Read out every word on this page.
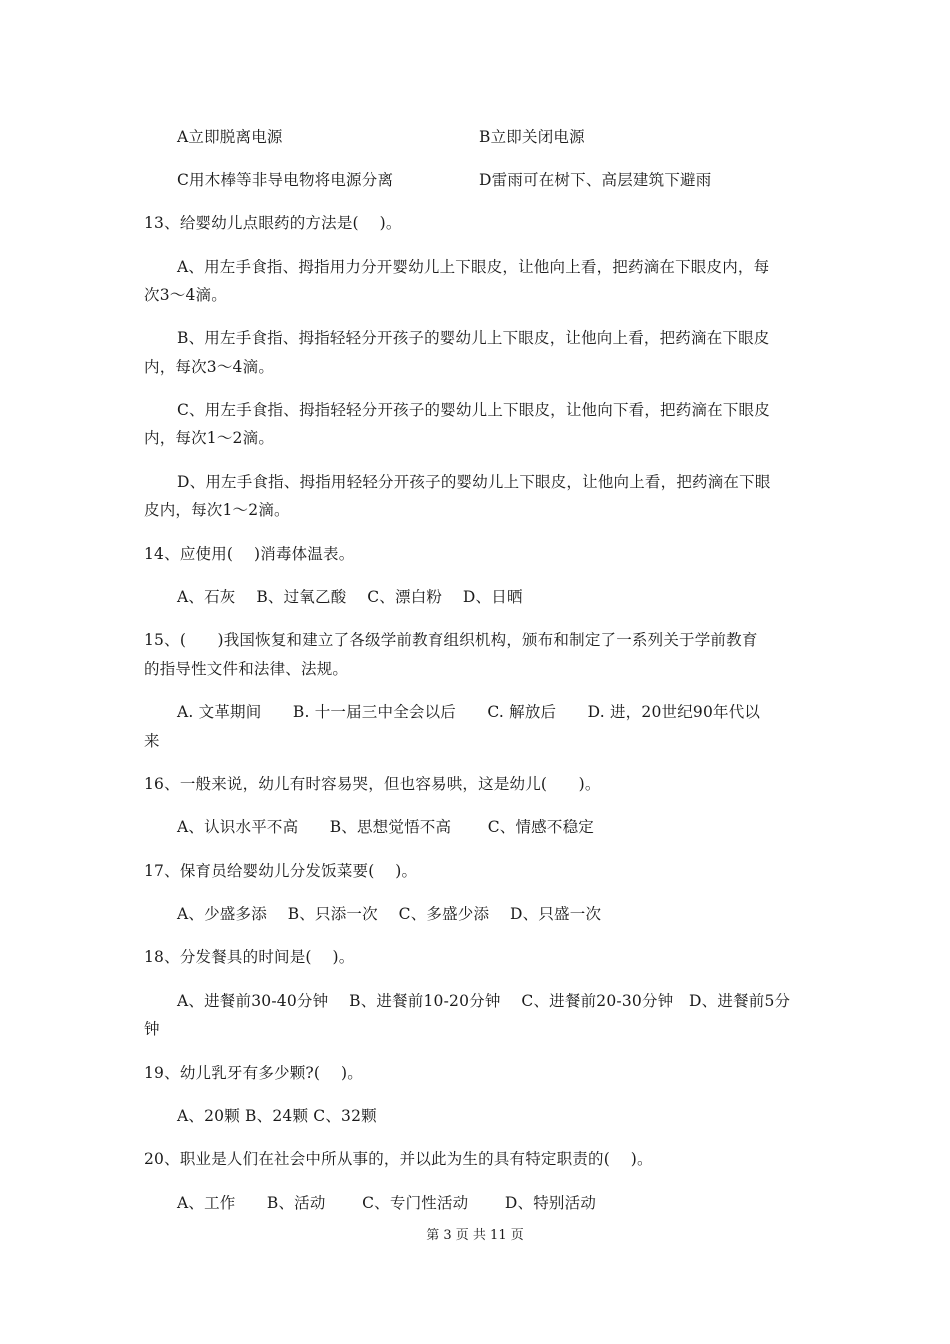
A立即脱离电源	B立即关闭电源
C用木棒等非导电物将电源分离	D雷雨可在树下、高层建筑下避雨
13、给婴幼儿点眼药的方法是(　 )。
A、用左手食指、拇指用力分开婴幼儿上下眼皮，让他向上看，把药滴在下眼皮内，每
次3～4滴。
B、用左手食指、拇指轻轻分开孩子的婴幼儿上下眼皮，让他向上看，把药滴在下眼皮
内，每次3～4滴。
C、用左手食指、拇指轻轻分开孩子的婴幼儿上下眼皮，让他向下看，把药滴在下眼皮
内，每次1～2滴。
D、用左手食指、拇指用轻轻分开孩子的婴幼儿上下眼皮，让他向上看，把药滴在下眼
皮内，每次1～2滴。
14、应使用(　 )消毒体温表。
A、石灰　 B、过氧乙酸　 C、漂白粉　 D、日晒
15、(　　)我国恢复和建立了各级学前教育组织机构，颁布和制定了一系列关于学前教育
的指导性文件和法律、法规。
A. 文革期间　　B. 十一届三中全会以后　　C. 解放后　　D. 进，20世纪90年代以
来
16、一般来说，幼儿有时容易哭，但也容易哄，这是幼儿(　　)。
A、认识水平不高　　B、思想觉悟不高　　 C、情感不稳定
17、保育员给婴幼儿分发饭菜要(　 )。
A、少盛多添　 B、只添一次　 C、多盛少添　 D、只盛一次
18、分发餐具的时间是(　 )。
A、进餐前30-40分钟　 B、进餐前10-20分钟　 C、进餐前20-30分钟　D、进餐前5分
钟
19、幼儿乳牙有多少颗?(　 )。
A、20颗 B、24颗 C、32颗
20、职业是人们在社会中所从事的，并以此为生的具有特定职责的(　 )。
A、工作　　B、活动　　 C、专门性活动　　 D、特别活动
第 3 页 共 11 页
